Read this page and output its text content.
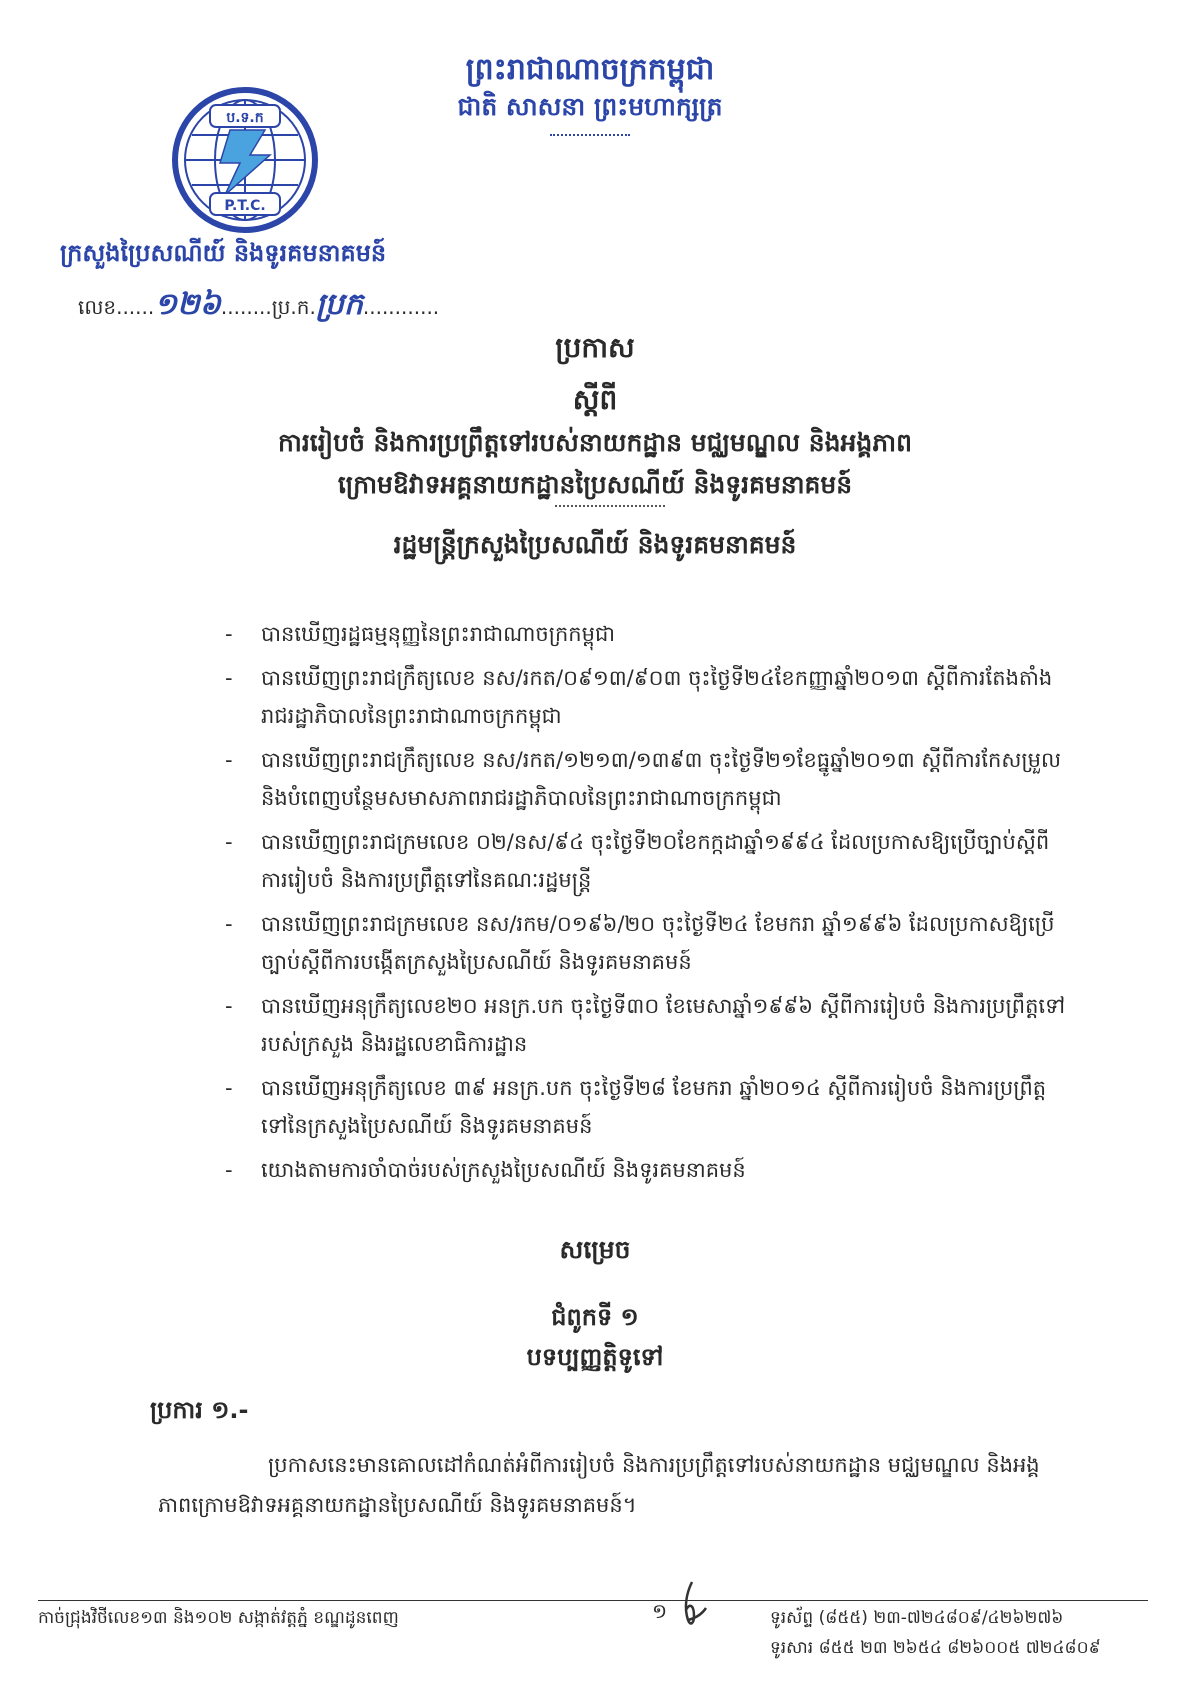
ព្រះរាជាណាចក្រកម្ពុជា
ជាតិ សាសនា ព្រះមហាក្សត្រ
ប.ទ.ក
P.T.C.
ក្រសួងប្រៃសណីយ៍ និងទូរគមនាគមន៍
លេខ......១២៦........ប្រ.ក.ប្រក............
ប្រកាស
ស្តីពី
ការរៀបចំ និងការប្រព្រឹត្តទៅរបស់នាយកដ្ឋាន មជ្ឈមណ្ឌល និងអង្គភាព
ក្រោមឱវាទអគ្គនាយកដ្ឋានប្រៃសណីយ៍ និងទូរគមនាគមន៍
រដ្ឋមន្ត្រីក្រសួងប្រៃសណីយ៍ និងទូរគមនាគមន៍
- បានឃើញរដ្ឋធម្មនុញ្ញនៃព្រះរាជាណាចក្រកម្ពុជា
- បានឃើញព្រះរាជក្រឹត្យលេខ នស/រកត/០៩១៣/៩០៣ ចុះថ្ងៃទី២៤ខែកញ្ញាឆ្នាំ២០១៣ ស្តីពីការតែងតាំងរាជរដ្ឋាភិបាលនៃព្រះរាជាណាចក្រកម្ពុជា
- បានឃើញព្រះរាជក្រឹត្យលេខ នស/រកត/១២១៣/១៣៩៣ ចុះថ្ងៃទី២១ខែធ្នូឆ្នាំ២០១៣ ស្តីពីការកែសម្រួល និងបំពេញបន្ថែមសមាសភាពរាជរដ្ឋាភិបាលនៃព្រះរាជាណាចក្រកម្ពុជា
- បានឃើញព្រះរាជក្រមលេខ ០២/នស/៩៤ ចុះថ្ងៃទី២០ខែកក្កដាឆ្នាំ១៩៩៤ ដែលប្រកាសឱ្យប្រើច្បាប់ស្តីពីការរៀបចំ និងការប្រព្រឹត្តទៅនៃគណៈរដ្ឋមន្ត្រី
- បានឃើញព្រះរាជក្រមលេខ នស/រកម/០១៩៦/២០ ចុះថ្ងៃទី២៤ ខែមករា ឆ្នាំ១៩៩៦ ដែលប្រកាសឱ្យប្រើច្បាប់ស្តីពីការបង្កើតក្រសួងប្រៃសណីយ៍ និងទូរគមនាគមន៍
- បានឃើញអនុក្រឹត្យលេខ២០ អនក្រ.បក ចុះថ្ងៃទី៣០ ខែមេសាឆ្នាំ១៩៩៦ ស្តីពីការរៀបចំ និងការប្រព្រឹត្តទៅរបស់ក្រសួង និងរដ្ឋលេខាធិការដ្ឋាន
- បានឃើញអនុក្រឹត្យលេខ ៣៩ អនក្រ.បក ចុះថ្ងៃទី២៨ ខែមករា ឆ្នាំ២០១៤ ស្តីពីការរៀបចំ និងការប្រព្រឹត្តទៅនៃក្រសួងប្រៃសណីយ៍ និងទូរគមនាគមន៍
- យោងតាមការចាំបាច់របស់ក្រសួងប្រៃសណីយ៍ និងទូរគមនាគមន៍
សម្រេច
ជំពូកទី ១
បទប្បញ្ញត្តិទូទៅ
ប្រការ ១.-
ប្រកាសនេះមានគោលដៅកំណត់អំពីការរៀបចំ និងការប្រព្រឹត្តទៅរបស់នាយកដ្ឋាន មជ្ឈមណ្ឌល និងអង្គភាពក្រោមឱវាទអគ្គនាយកដ្ឋានប្រៃសណីយ៍ និងទូរគមនាគមន៍។
កាច់ជ្រុងវិថីលេខ១៣ និង១០២ សង្កាត់វត្តភ្នំ ខណ្ឌដូនពេញ	១	ទូរស័ព្ទ (៨៥៥) ២៣-៧២៤៨០៩/៤២៦២៧៦
ទូរសារ ៨៥៥ ២៣ ២៦៥៤ ៨២៦០០៥ ៧២៤៨០៩
